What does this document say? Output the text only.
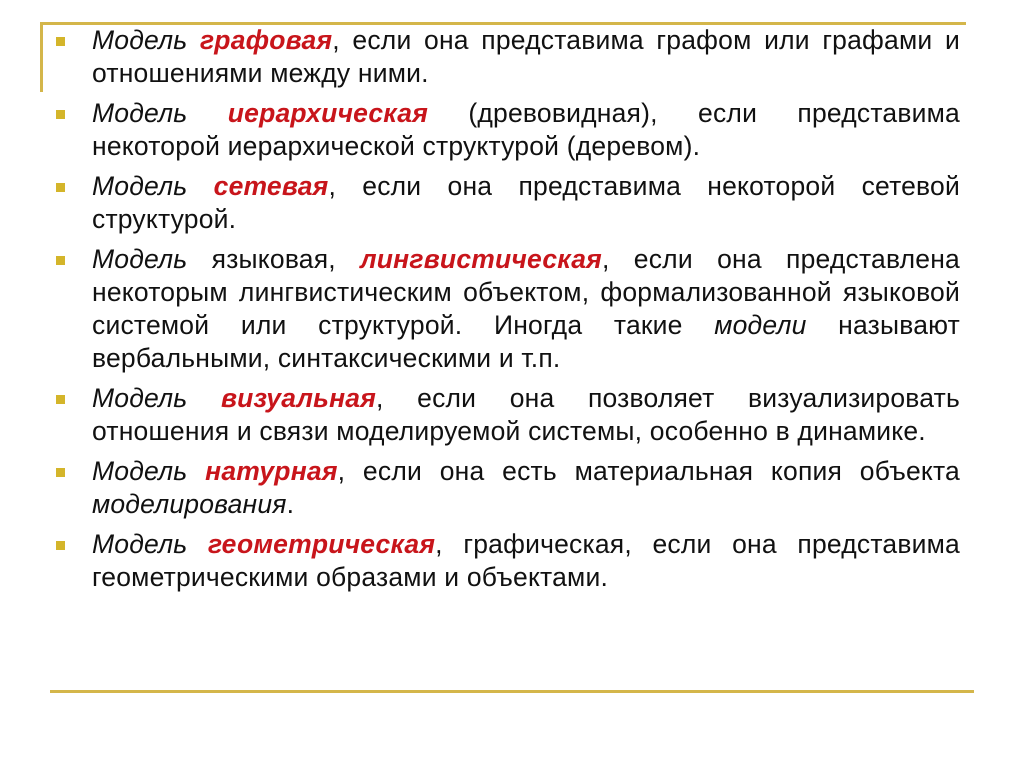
Модель графовая, если она представима графом или графами и отношениями между ними.
Модель иерархическая (древовидная), если представима некоторой иерархической структурой (деревом).
Модель сетевая, если она представима некоторой сетевой структурой.
Модель языковая, лингвистическая, если она представлена некоторым лингвистическим объектом, формализованной языковой системой или структурой. Иногда такие модели называют вербальными, синтаксическими и т.п.
Модель визуальная, если она позволяет визуализировать отношения и связи моделируемой системы, особенно в динамике.
Модель натурная, если она есть материальная копия объекта моделирования.
Модель геометрическая, графическая, если она представима геометрическими образами и объектами.
